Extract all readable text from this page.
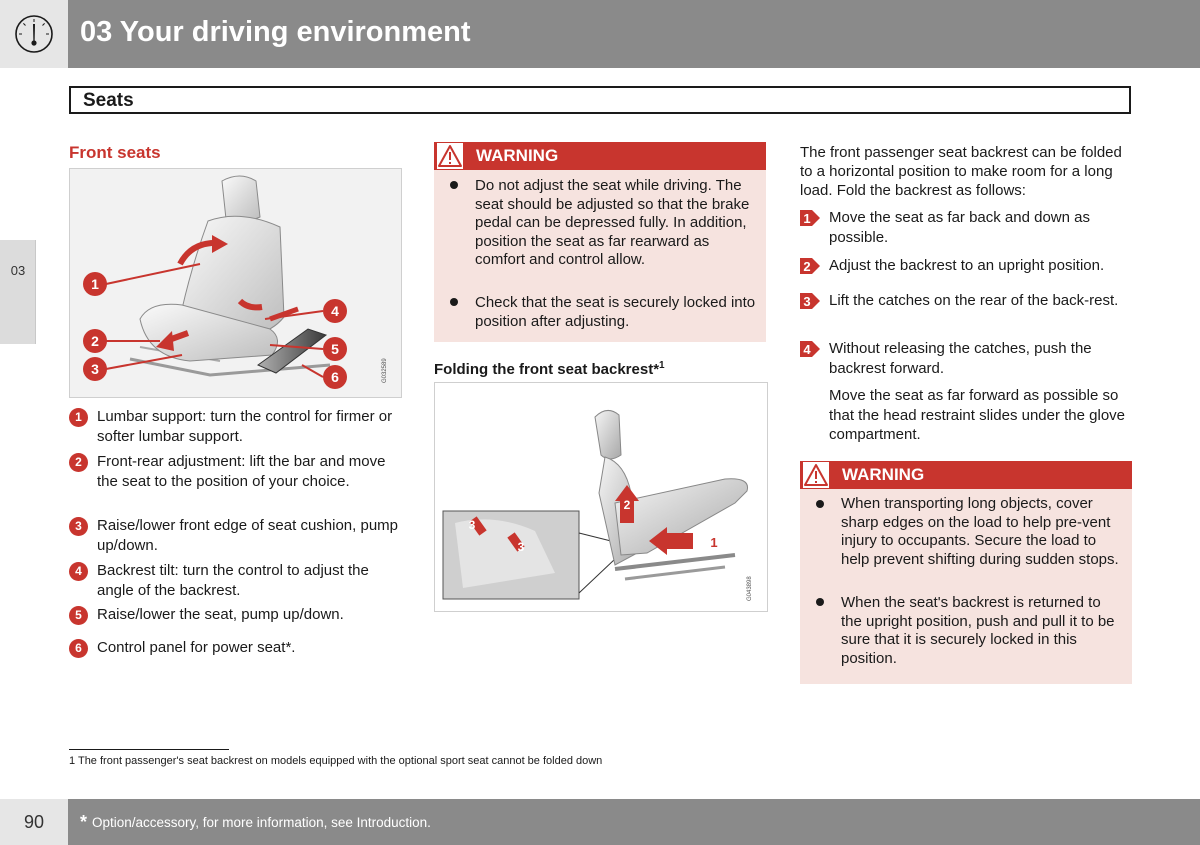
03 Your driving environment
Seats
03
Front seats
1
2
3
4
5
6	G032589
1	Lumbar support: turn the control for firmer or softer lumbar support.
2	Front-rear adjustment: lift the bar and move the seat to the position of your choice.
3	Raise/lower front edge of seat cushion, pump up/down.
4	Backrest tilt: turn the control to adjust the angle of the backrest.
5	Raise/lower the seat, pump up/down.
6	Control panel for power seat*.
WARNING
Do not adjust the seat while driving. The seat should be adjusted so that the brake pedal can be depressed fully. In addition, position the seat as far rearward as comfort and control allow.
Check that the seat is securely locked into position after adjusting.
Folding the front seat backrest*$^1$
1
2
3
3
G043898
The front passenger seat backrest can be folded to a horizontal position to make room for a long load. Fold the backrest as follows:
1 Move the seat as far back and down as possible.
2 Adjust the backrest to an upright position.
3 Lift the catches on the rear of the back-rest.
4 Without releasing the catches, push the backrest forward.
Move the seat as far forward as possible so that the head restraint slides under the glove compartment.
WARNING
When transporting long objects, cover sharp edges on the load to help pre-vent injury to occupants. Secure the load to help prevent shifting during sudden stops.
When the seat's backrest is returned to the upright position, push and pull it to be sure that it is securely locked in this position.
1 The front passenger's seat backrest on models equipped with the optional sport seat cannot be folded down
90	* Option/accessory, for more information, see Introduction.
